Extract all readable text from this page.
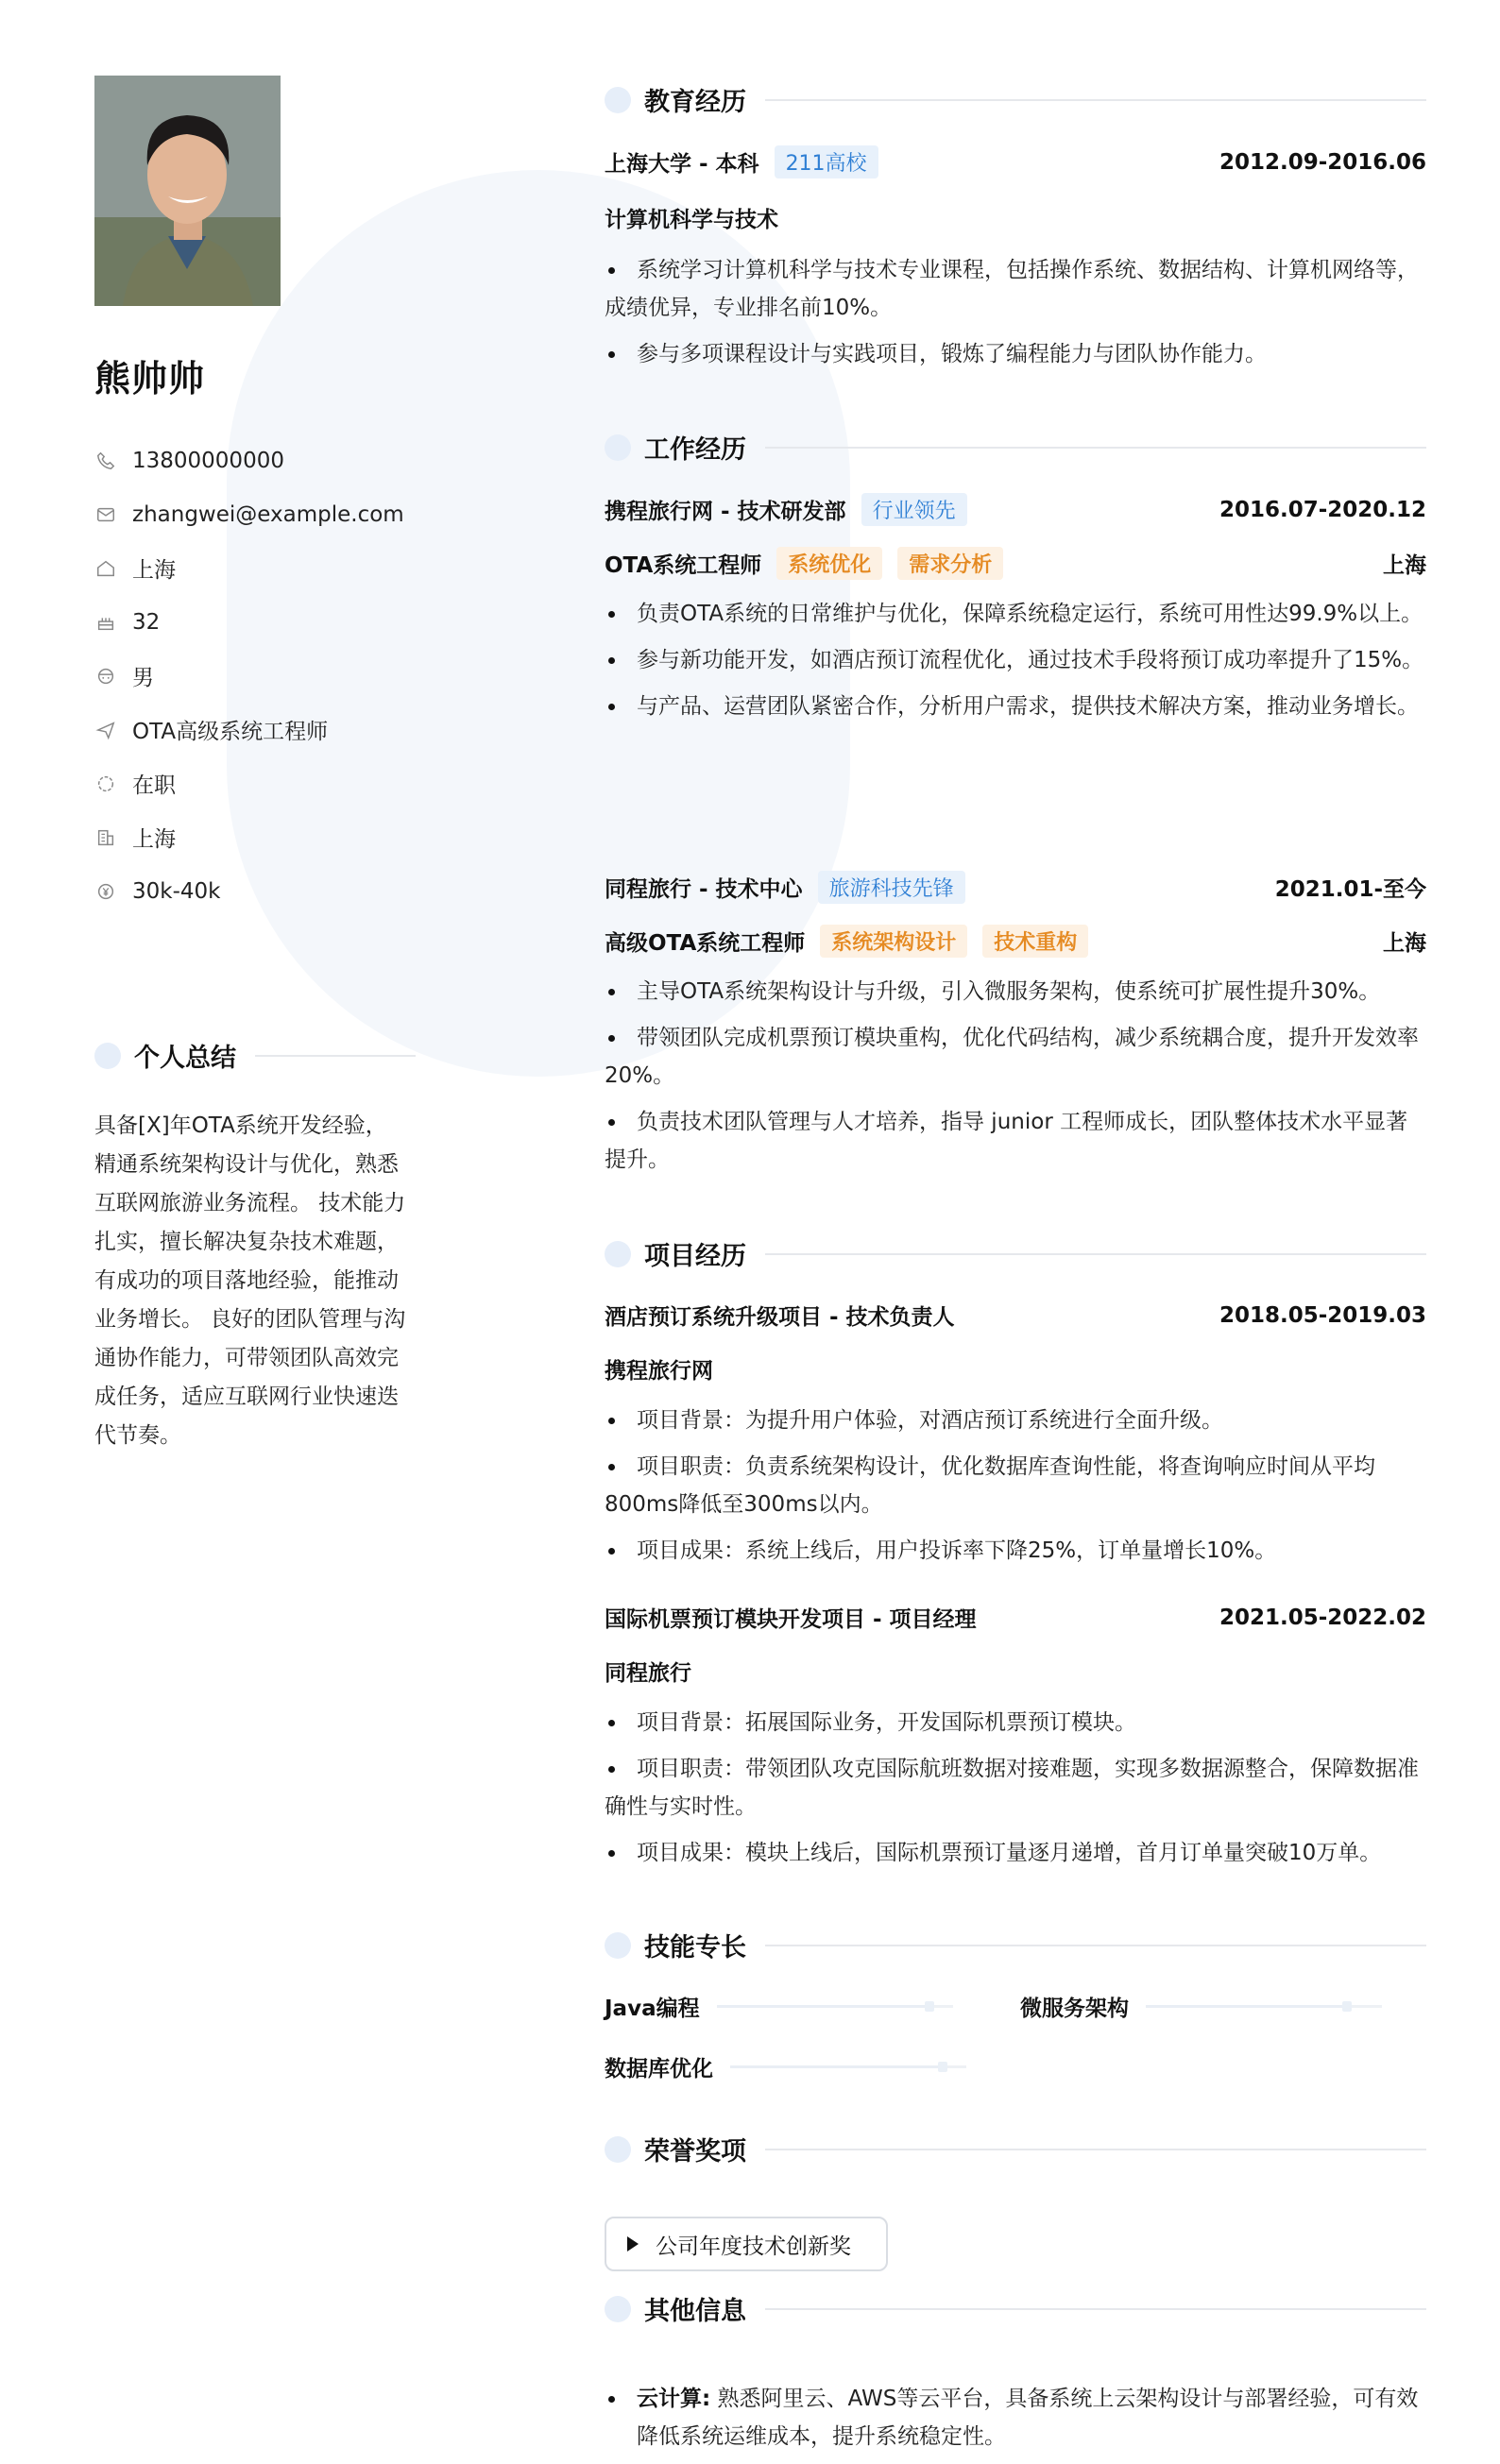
熊帅帅
13800000000
zhangwei@example.com
上海
32
男
OTA高级系统工程师
在职
上海
30k-40k
个人总结
具备[X]年OTA系统开发经验，精通系统架构设计与优化，熟悉互联网旅游业务流程。 技术能力扎实，擅长解决复杂技术难题，有成功的项目落地经验，能推动业务增长。 良好的团队管理与沟通协作能力，可带领团队高效完成任务，适应互联网行业快速迭代节奏。
教育经历
上海大学 - 本科	211高校	2012.09-2016.06
计算机科学与技术
系统学习计算机科学与技术专业课程，包括操作系统、数据结构、计算机网络等，成绩优异，专业排名前10%。
参与多项课程设计与实践项目，锻炼了编程能力与团队协作能力。
工作经历
携程旅行网 - 技术研发部	行业领先	2016.07-2020.12
OTA系统工程师	系统优化	需求分析	上海
负责OTA系统的日常维护与优化，保障系统稳定运行，系统可用性达99.9%以上。
参与新功能开发，如酒店预订流程优化，通过技术手段将预订成功率提升了15%。
与产品、运营团队紧密合作，分析用户需求，提供技术解决方案，推动业务增长。
同程旅行 - 技术中心	旅游科技先锋	2021.01-至今
高级OTA系统工程师	系统架构设计	技术重构	上海
主导OTA系统架构设计与升级，引入微服务架构，使系统可扩展性提升30%。
带领团队完成机票预订模块重构，优化代码结构，减少系统耦合度，提升开发效率20%。
负责技术团队管理与人才培养，指导 junior 工程师成长，团队整体技术水平显著提升。
项目经历
酒店预订系统升级项目 - 技术负责人	2018.05-2019.03
携程旅行网
项目背景：为提升用户体验，对酒店预订系统进行全面升级。
项目职责：负责系统架构设计，优化数据库查询性能，将查询响应时间从平均800ms降低至300ms以内。
项目成果：系统上线后，用户投诉率下降25%，订单量增长10%。
国际机票预订模块开发项目 - 项目经理	2021.05-2022.02
同程旅行
项目背景：拓展国际业务，开发国际机票预订模块。
项目职责：带领团队攻克国际航班数据对接难题，实现多数据源整合，保障数据准确性与实时性。
项目成果：模块上线后，国际机票预订量逐月递增，首月订单量突破10万单。
技能专长
Java编程	微服务架构
数据库优化
荣誉奖项
其他信息
公司年度技术创新奖
云计算: 熟悉阿里云、AWS等云平台，具备系统上云架构设计与部署经验，可有效降低系统运维成本，提升系统稳定性。
